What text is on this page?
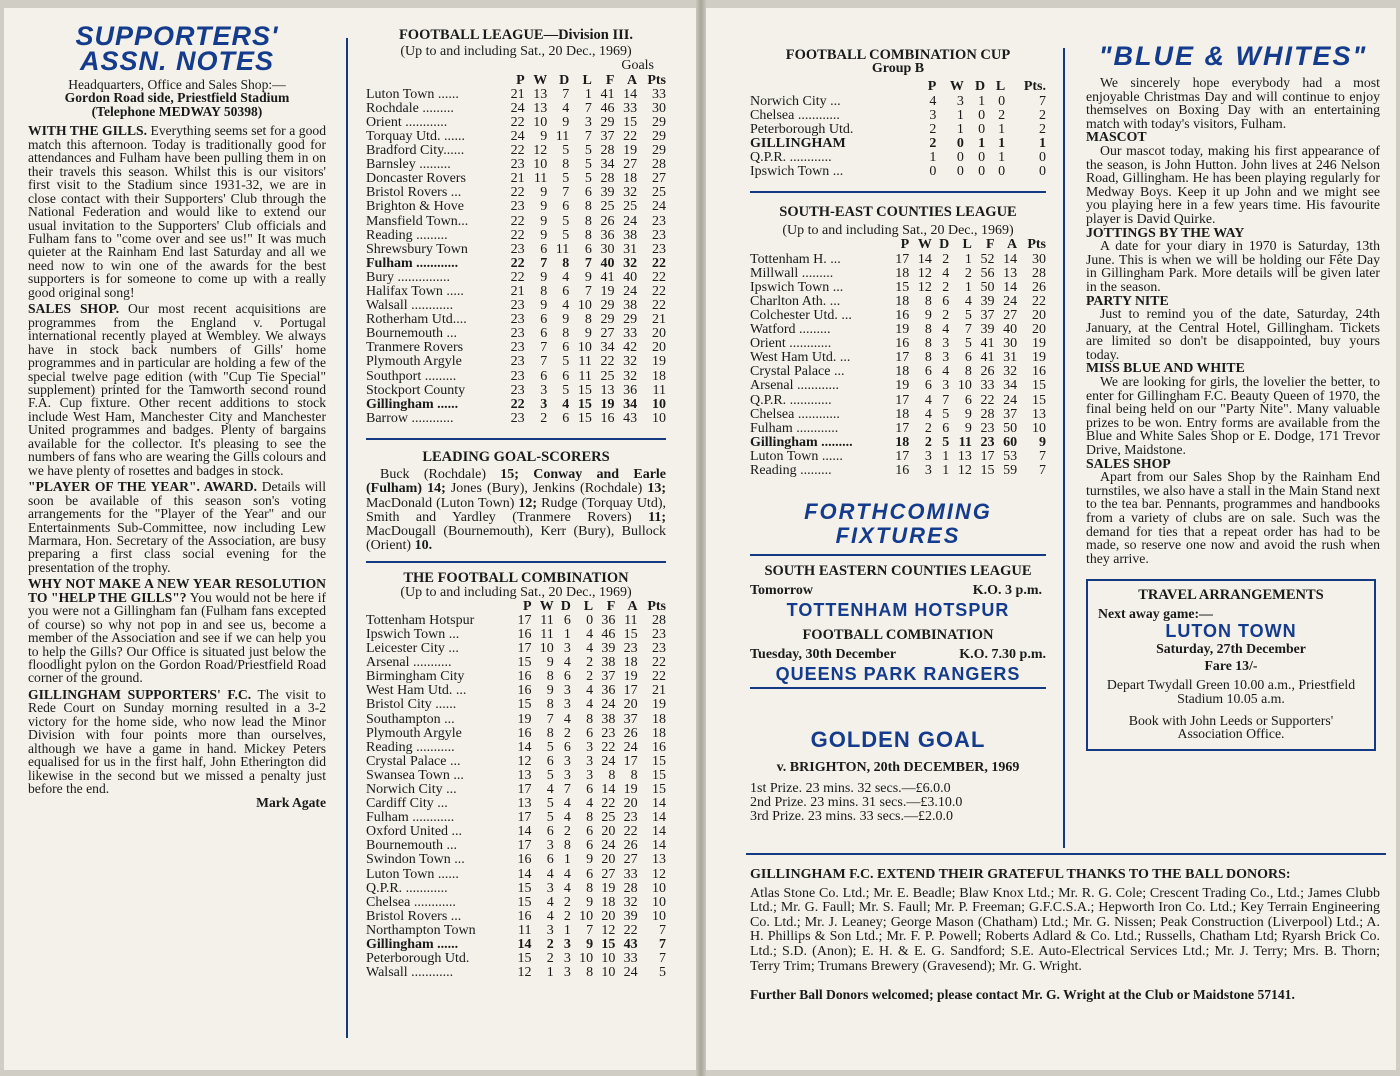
SUPPORTERS'
ASSN. NOTES
Headquarters, Office and Sales Shop:—
Gordon Road side, Priestfield Stadium
(Telephone MEDWAY 50398)

WITH THE GILLS. Everything seems set for a good match this afternoon. Today is traditionally good for attendances and Fulham have been pulling them in on their travels this season. Whilst this is our visitors' first visit to the Stadium since 1931-32, we are in close contact with their Supporters' Club through the National Federation and would like to extend our usual invitation to the Supporters' Club officials and Fulham fans to "come over and see us!" It was much quieter at the Rainham End last Saturday and all we need now to win one of the awards for the best supporters is for someone to come up with a really good original song!

SALES SHOP. Our most recent acquisitions are programmes from the England v. Portugal international recently played at Wembley. We always have in stock back numbers of Gills' home programmes and in particular are holding a few of the special twelve page edition (with "Cup Tie Special" supplement) printed for the Tamworth second round F.A. Cup fixture. Other recent additions to stock include West Ham, Manchester City and Manchester United programmes and badges. Plenty of bargains available for the collector. It's pleasing to see the numbers of fans who are wearing the Gills colours and we have plenty of rosettes and badges in stock.

"PLAYER OF THE YEAR". AWARD. Details will soon be available of this season son's voting arrangements for the "Player of the Year" and our Entertainments Sub-Committee, now including Lew Marmara, Hon. Secretary of the Association, are busy preparing a first class social evening for the presentation of the trophy.

WHY NOT MAKE A NEW YEAR RESOLUTION TO "HELP THE GILLS"? You would not be here if you were not a Gillingham fan (Fulham fans excepted of course) so why not pop in and see us, become a member of the Association and see if we can help you to help the Gills? Our Office is situated just below the floodlight pylon on the Gordon Road/Priestfield Road corner of the ground.

GILLINGHAM SUPPORTERS' F.C. The visit to Rede Court on Sunday morning resulted in a 3-2 victory for the home side, who now lead the Minor Division with four points more than ourselves, although we have a game in hand. Mickey Peters equalised for us in the first half, John Etherington did likewise in the second but we missed a penalty just before the end.

Mark Agate
FOOTBALL LEAGUE—Division III.
(Up to and including Sat., 20 Dec., 1969)
Goals
	P	W	D	L	F	A	Pts
Luton Town ......	21	13	7	1	41	14	33
Rochdale .........	24	13	4	7	46	33	30
Orient ............	22	10	9	3	29	15	29
Torquay Utd. ......	24	9	11	7	37	22	29
Bradford City......	22	12	5	5	28	19	29
Barnsley .........	23	10	8	5	34	27	28
Doncaster Rovers	21	11	5	5	28	18	27
Bristol Rovers ...	22	9	7	6	39	32	25
Brighton & Hove	23	9	6	8	25	25	24
Mansfield Town...	22	9	5	8	26	24	23
Reading .........	22	9	5	8	36	38	23
Shrewsbury Town	23	6	11	6	30	31	23
Fulham ............	22	7	8	7	40	32	22
Bury ...............	22	9	4	9	41	40	22
Halifax Town .....	21	8	6	7	19	24	22
Walsall ............	23	9	4	10	29	38	22
Rotherham Utd....	23	6	9	8	29	29	21
Bournemouth ...	23	6	8	9	27	33	20
Tranmere Rovers	23	7	6	10	34	42	20
Plymouth Argyle	23	7	5	11	22	32	19
Southport .........	23	6	6	11	25	32	18
Stockport County	23	3	5	15	13	36	11
Gillingham ......	22	3	4	15	19	34	10
Barrow ............	23	2	6	15	16	43	10
LEADING GOAL-SCORERS

Buck (Rochdale) 15; Conway and Earle (Fulham) 14; Jones (Bury), Jenkins (Rochdale) 13; MacDonald (Luton Town) 12; Rudge (Torquay Utd), Smith and Yardley (Tranmere Rovers) 11; MacDougall (Bournemouth), Kerr (Bury), Bullock (Orient) 10.

THE FOOTBALL COMBINATION
(Up to and including Sat., 20 Dec., 1969)
	P	W	D	L	F	A	Pts
Tottenham Hotspur	17	11	6	0	36	11	28
Ipswich Town ...	16	11	1	4	46	15	23
Leicester City ...	17	10	3	4	39	23	23
Arsenal ...........	15	9	4	2	38	18	22
Birmingham City	16	8	6	2	37	19	22
West Ham Utd. ...	16	9	3	4	36	17	21
Bristol City ......	15	8	3	4	24	20	19
Southampton ...	19	7	4	8	38	37	18
Plymouth Argyle	16	8	2	6	23	26	18
Reading ...........	14	5	6	3	22	24	16
Crystal Palace ...	12	6	3	3	24	17	15
Swansea Town ...	13	5	3	3	8	8	15
Norwich City ...	17	4	7	6	14	19	15
Cardiff City ...	13	5	4	4	22	20	14
Fulham ............	17	5	4	8	25	23	14
Oxford United ...	14	6	2	6	20	22	14
Bournemouth ...	17	3	8	6	24	26	14
Swindon Town ...	16	6	1	9	20	27	13
Luton Town ......	14	4	4	6	27	33	12
Q.P.R. ............	15	3	4	8	19	28	10
Chelsea ............	15	4	2	9	18	32	10
Bristol Rovers ...	16	4	2	10	20	39	10
Northampton Town	11	3	1	7	12	22	7
Gillingham ......	14	2	3	9	15	43	7
Peterborough Utd.	15	2	3	10	10	33	7
Walsall ............	12	1	3	8	10	24	5
FOOTBALL COMBINATION CUP
Group B
	P	W	D	L	Pts.
Norwich City ...	4	3	1	0	7
Chelsea ............	3	1	0	2	2
Peterborough Utd.	2	1	0	1	2
GILLINGHAM	2	0	1	1	1
Q.P.R. ............	1	0	0	1	0
Ipswich Town ...	0	0	0	0	0
SOUTH-EAST COUNTIES LEAGUE
(Up to and including Sat., 20 Dec., 1969)
	P	W	D	L	F	A	Pts
Tottenham H. ...	17	14	2	1	52	14	30
Millwall .........	18	12	4	2	56	13	28
Ipswich Town ...	15	12	2	1	50	14	26
Charlton Ath. ...	18	8	6	4	39	24	22
Colchester Utd. ...	16	9	2	5	37	27	20
Watford .........	19	8	4	7	39	40	20
Orient ............	16	8	3	5	41	30	19
West Ham Utd. ...	17	8	3	6	41	31	19
Crystal Palace ...	18	6	4	8	26	32	16
Arsenal ............	19	6	3	10	33	34	15
Q.P.R. ............	17	4	7	6	22	24	15
Chelsea ............	18	4	5	9	28	37	13
Fulham ............	17	2	6	9	23	50	10
Gillingham .........	18	2	5	11	23	60	9
Luton Town ......	17	3	1	13	17	53	7
Reading .........	16	3	1	12	15	59	7
FORTHCOMING FIXTURES
SOUTH EASTERN COUNTIES LEAGUE
Tomorrow	K.O. 3 p.m.
TOTTENHAM HOTSPUR
FOOTBALL COMBINATION
Tuesday, 30th December	K.O. 7.30 p.m.
QUEENS PARK RANGERS
GOLDEN GOAL
v. BRIGHTON, 20th DECEMBER, 1969
1st Prize. 23 mins. 32 secs.—£6.0.0
2nd Prize. 23 mins. 31 secs.—£3.10.0
3rd Prize. 23 mins. 33 secs.—£2.0.0
"BLUE & WHITES"

We sincerely hope everybody had a most enjoyable Christmas Day and will continue to enjoy themselves on Boxing Day with an entertaining match with today's visitors, Fulham.

MASCOT

Our mascot today, making his first appearance of the season, is John Hutton. John lives at 246 Nelson Road, Gillingham. He has been playing regularly for Medway Boys. Keep it up John and we might see you playing here in a few years time. His favourite player is David Quirke.

JOTTINGS BY THE WAY

A date for your diary in 1970 is Saturday, 13th June. This is when we will be holding our Fête Day in Gillingham Park. More details will be given later in the season.

PARTY NITE

Just to remind you of the date, Saturday, 24th January, at the Central Hotel, Gillingham. Tickets are limited so don't be disappointed, buy yours today.

MISS BLUE AND WHITE

We are looking for girls, the lovelier the better, to enter for Gillingham F.C. Beauty Queen of 1970, the final being held on our "Party Nite". Many valuable prizes to be won. Entry forms are available from the Blue and White Sales Shop or E. Dodge, 171 Trevor Drive, Maidstone.

SALES SHOP

Apart from our Sales Shop by the Rainham End turnstiles, we also have a stall in the Main Stand next to the tea bar. Pennants, programmes and handbooks from a variety of clubs are on sale. Such was the demand for ties that a repeat order has had to be made, so reserve one now and avoid the rush when they arrive.

TRAVEL ARRANGEMENTS
Next away game:—
LUTON TOWN
Saturday, 27th December
Fare 13/-
Depart Twydall Green 10.00 a.m., Priestfield Stadium 10.05 a.m.
Book with John Leeds or Supporters' Association Office.
GILLINGHAM F.C. EXTEND THEIR GRATEFUL THANKS TO THE BALL DONORS:

Atlas Stone Co. Ltd.; Mr. E. Beadle; Blaw Knox Ltd.; Mr. R. G. Cole; Crescent Trading Co., Ltd.; James Clubb Ltd.; Mr. G. Faull; Mr. S. Faull; Mr. P. Freeman; G.F.C.S.A.; Hepworth Iron Co. Ltd.; Key Terrain Engineering Co. Ltd.; Mr. J. Leaney; George Mason (Chatham) Ltd.; Mr. G. Nissen; Peak Construction (Liverpool) Ltd.; A. H. Phillips & Son Ltd.; Mr. F. P. Powell; Roberts Adlard & Co. Ltd.; Russells, Chatham Ltd; Ryarsh Brick Co. Ltd.; S.D. (Anon); E. H. & E. G. Sandford; S.E. Auto-Electrical Services Ltd.; Mr. J. Terry; Mrs. B. Thorn; Terry Trim; Trumans Brewery (Gravesend); Mr. G. Wright.

Further Ball Donors welcomed; please contact Mr. G. Wright at the Club or Maidstone 57141.
